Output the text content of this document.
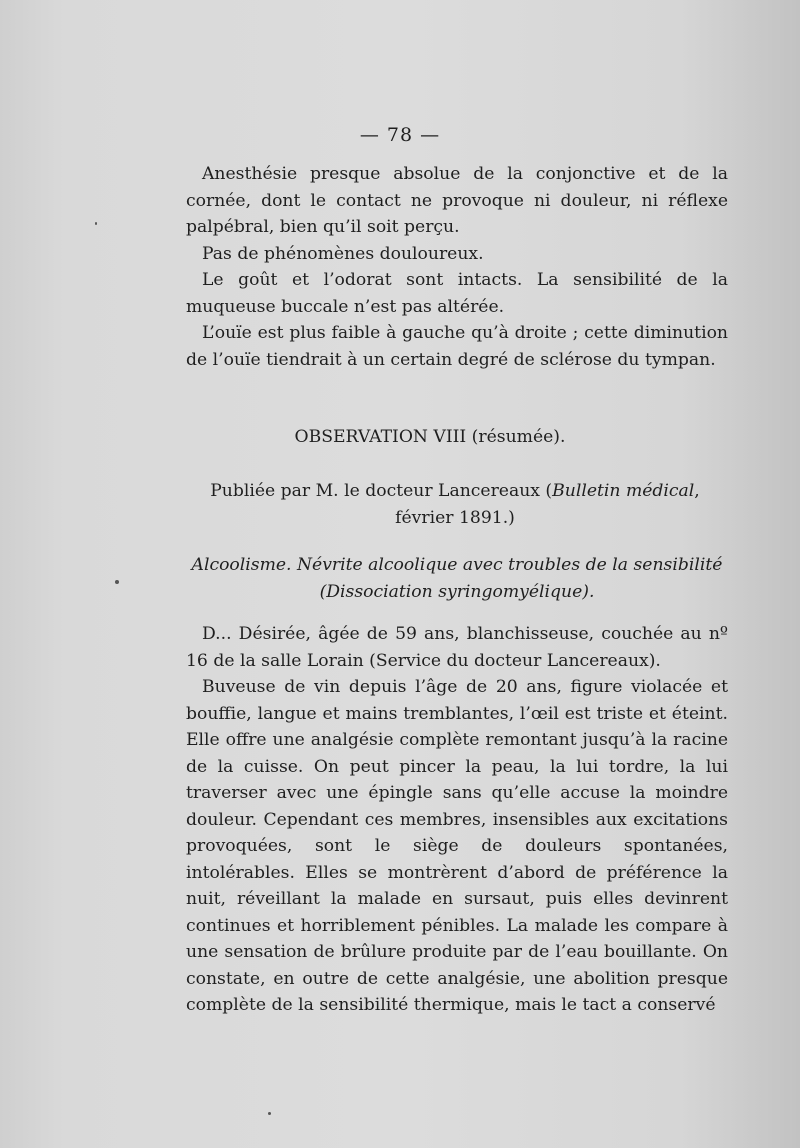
— 78 —

Anesthésie presque absolue de la conjonctive et de la cornée, dont le contact ne provoque ni douleur, ni réflexe palpébral, bien qu’il soit perçu.

Pas de phénomènes douloureux.

Le goût et l’odorat sont intacts. La sensibilité de la muqueuse buccale n’est pas altérée.

L’ouïe est plus faible à gauche qu’à droite ; cette diminution de l’ouïe tiendrait à un certain degré de sclérose du tympan.

OBSERVATION VIII (résumée).
Publiée par M. le docteur Lancereaux (Bulletin médical, février 1891.)
Alcoolisme. Névrite alcoolique avec troubles de la sensibilité
(Dissociation syringomyélique).

D... Désirée, âgée de 59 ans, blanchisseuse, couchée au nº 16 de la salle Lorain (Service du docteur Lancereaux).

Buveuse de vin depuis l’âge de 20 ans, figure violacée et bouffie, langue et mains tremblantes, l’œil est triste et éteint. Elle offre une analgésie complète remontant jusqu’à la racine de la cuisse. On peut pincer la peau, la lui tordre, la lui traverser avec une épingle sans qu’elle accuse la moindre douleur. Cependant ces membres, insensibles aux excitations provoquées, sont le siège de douleurs spontanées, intolérables. Elles se montrèrent d’abord de préférence la nuit, réveillant la malade en sursaut, puis elles devinrent continues et horriblement pénibles. La malade les compare à une sensation de brûlure produite par de l’eau bouillante. On constate, en outre de cette analgésie, une abolition presque complète de la sensibilité thermique, mais le tact a conservé
